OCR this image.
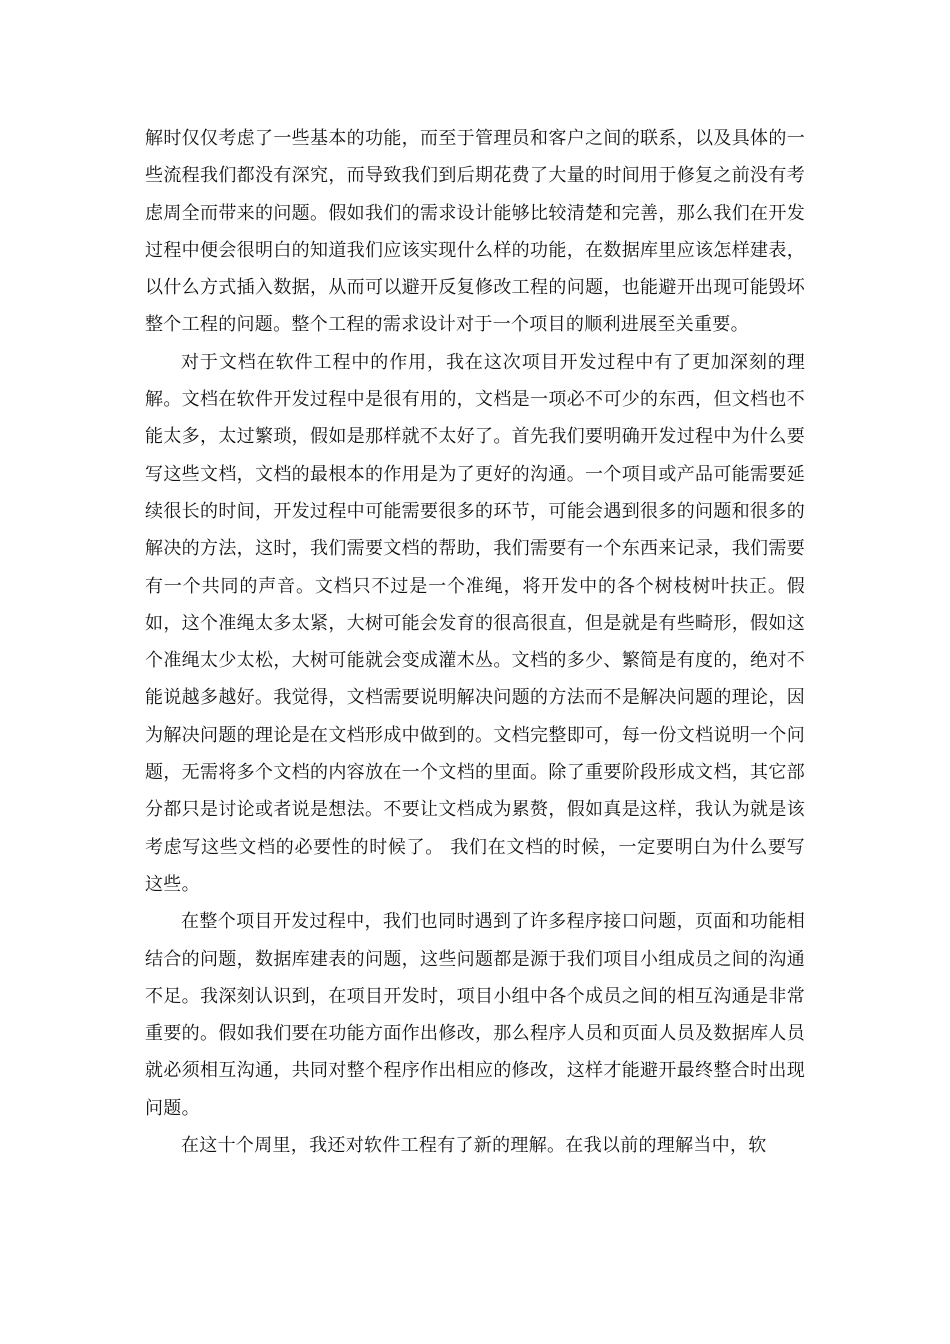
解时仅仅考虑了一些基本的功能，而至于管理员和客户之间的联系，以及具体的一些流程我们都没有深究，而导致我们到后期花费了大量的时间用于修复之前没有考虑周全而带来的问题。假如我们的需求设计能够比较清楚和完善，那么我们在开发过程中便会很明白的知道我们应该实现什么样的功能，在数据库里应该怎样建表，以什么方式插入数据，从而可以避开反复修改工程的问题，也能避开出现可能毁坏整个工程的问题。整个工程的需求设计对于一个项目的顺利进展至关重要。

对于文档在软件工程中的作用，我在这次项目开发过程中有了更加深刻的理解。文档在软件开发过程中是很有用的，文档是一项必不可少的东西，但文档也不能太多，太过繁琐，假如是那样就不太好了。首先我们要明确开发过程中为什么要写这些文档，文档的最根本的作用是为了更好的沟通。一个项目或产品可能需要延续很长的时间，开发过程中可能需要很多的环节，可能会遇到很多的问题和很多的解决的方法，这时，我们需要文档的帮助，我们需要有一个东西来记录，我们需要有一个共同的声音。文档只不过是一个准绳，将开发中的各个树枝树叶扶正。假如，这个准绳太多太紧，大树可能会发育的很高很直，但是就是有些畸形，假如这个准绳太少太松，大树可能就会变成灌木丛。文档的多少、繁简是有度的，绝对不能说越多越好。我觉得，文档需要说明解决问题的方法而不是解决问题的理论，因为解决问题的理论是在文档形成中做到的。文档完整即可，每一份文档说明一个问题，无需将多个文档的内容放在一个文档的里面。除了重要阶段形成文档，其它部分都只是讨论或者说是想法。不要让文档成为累赘，假如真是这样，我认为就是该考虑写这些文档的必要性的时候了。 我们在文档的时候，一定要明白为什么要写这些。

在整个项目开发过程中，我们也同时遇到了许多程序接口问题，页面和功能相结合的问题，数据库建表的问题，这些问题都是源于我们项目小组成员之间的沟通不足。我深刻认识到，在项目开发时，项目小组中各个成员之间的相互沟通是非常重要的。假如我们要在功能方面作出修改，那么程序人员和页面人员及数据库人员就必须相互沟通，共同对整个程序作出相应的修改，这样才能避开最终整合时出现问题。

在这十个周里，我还对软件工程有了新的理解。在我以前的理解当中，软
